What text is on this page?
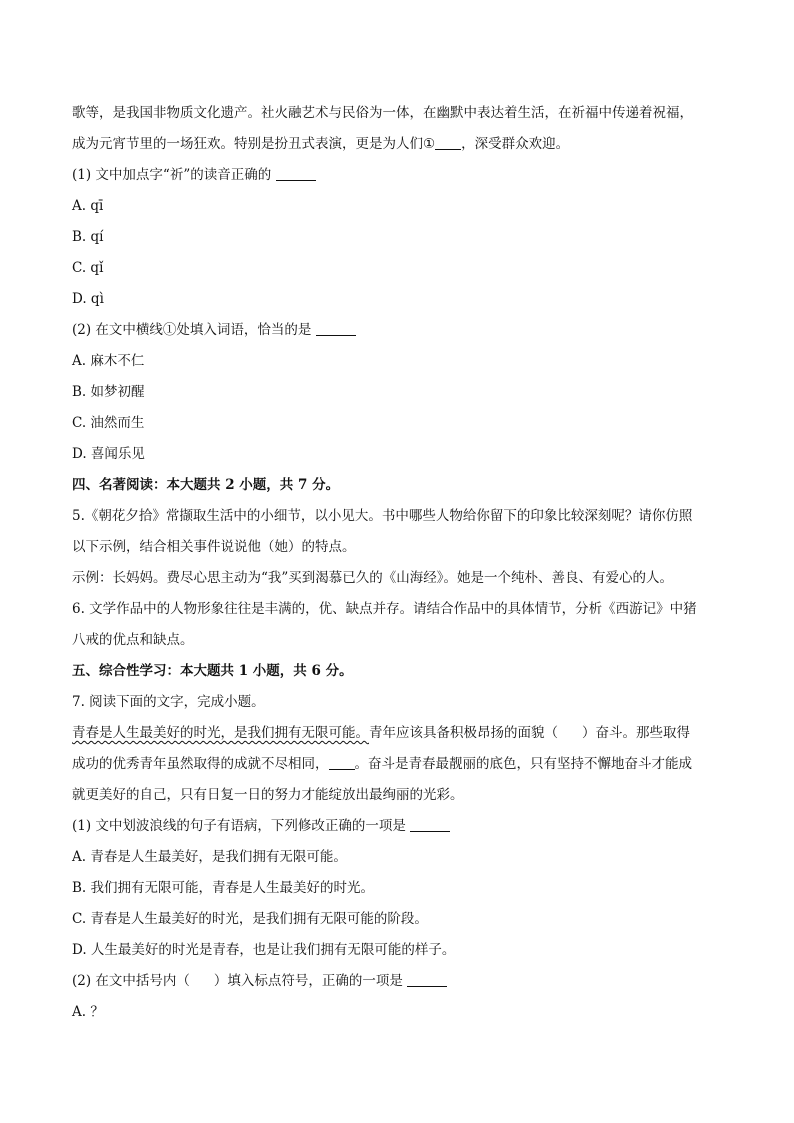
歌等，是我国非物质文化遗产。社火融艺术与民俗为一体，在幽默中表达着生活，在祈福中传递着祝福，
成为元宵节里的一场狂欢。特别是扮丑式表演，更是为人们① ，深受群众欢迎。
(1) 文中加点字“祈”的读音正确的
A. qī
B. qí
C. qǐ
D. qì
(2) 在文中横线①处填入词语，恰当的是
A. 麻木不仁
B. 如梦初醒
C. 油然而生
D. 喜闻乐见
四、名著阅读：本大题共 2 小题，共 7 分。
5.《朝花夕拾》常撷取生活中的小细节，以小见大。书中哪些人物给你留下的印象比较深刻呢？请你仿照
以下示例，结合相关事件说说他（她）的特点。
示例：长妈妈。费尽心思主动为“我”买到渴慕已久的《山海经》。她是一个纯朴、善良、有爱心的人。
6. 文学作品中的人物形象往往是丰满的，优、缺点并存。请结合作品中的具体情节，分析《西游记》中猪
八戒的优点和缺点。
五、综合性学习：本大题共 1 小题，共 6 分。
7. 阅读下面的文字，完成小题。
青春是人生最美好的时光，是我们拥有无限可能。青年应该具备积极昂扬的面貌（ ）奋斗。那些取得
成功的优秀青年虽然取得的成就不尽相同， 。奋斗是青春最靓丽的底色，只有坚持不懈地奋斗才能成
就更美好的自己，只有日复一日的努力才能绽放出最绚丽的光彩。
(1) 文中划波浪线的句子有语病，下列修改正确的一项是
A. 青春是人生最美好，是我们拥有无限可能。
B. 我们拥有无限可能，青春是人生最美好的时光。
C. 青春是人生最美好的时光，是我们拥有无限可能的阶段。
D. 人生最美好的时光是青春，也是让我们拥有无限可能的样子。
(2) 在文中括号内（ ）填入标点符号，正确的一项是
A. ？
